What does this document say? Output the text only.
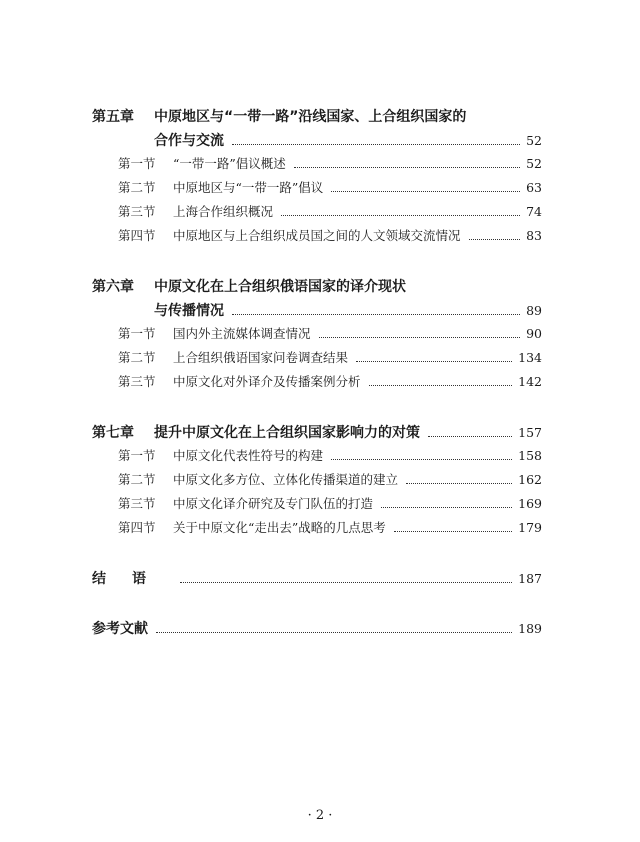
第五章	中原地区与“一带一路”沿线国家、上合组织国家的
合作与交流	52
第一节	“一带一路”倡议概述	52
第二节	中原地区与“一带一路”倡议	63
第三节	上海合作组织概况	74
第四节	中原地区与上合组织成员国之间的人文领域交流情况	83
第六章	中原文化在上合组织俄语国家的译介现状
与传播情况	89
第一节	国内外主流媒体调查情况	90
第二节	上合组织俄语国家问卷调查结果	134
第三节	中原文化对外译介及传播案例分析	142
第七章	提升中原文化在上合组织国家影响力的对策	157
第一节	中原文化代表性符号的构建	158
第二节	中原文化多方位、立体化传播渠道的建立	162
第三节	中原文化译介研究及专门队伍的打造	169
第四节	关于中原文化“走出去”战略的几点思考	179
结语	187
参考文献	189
· 2 ·
